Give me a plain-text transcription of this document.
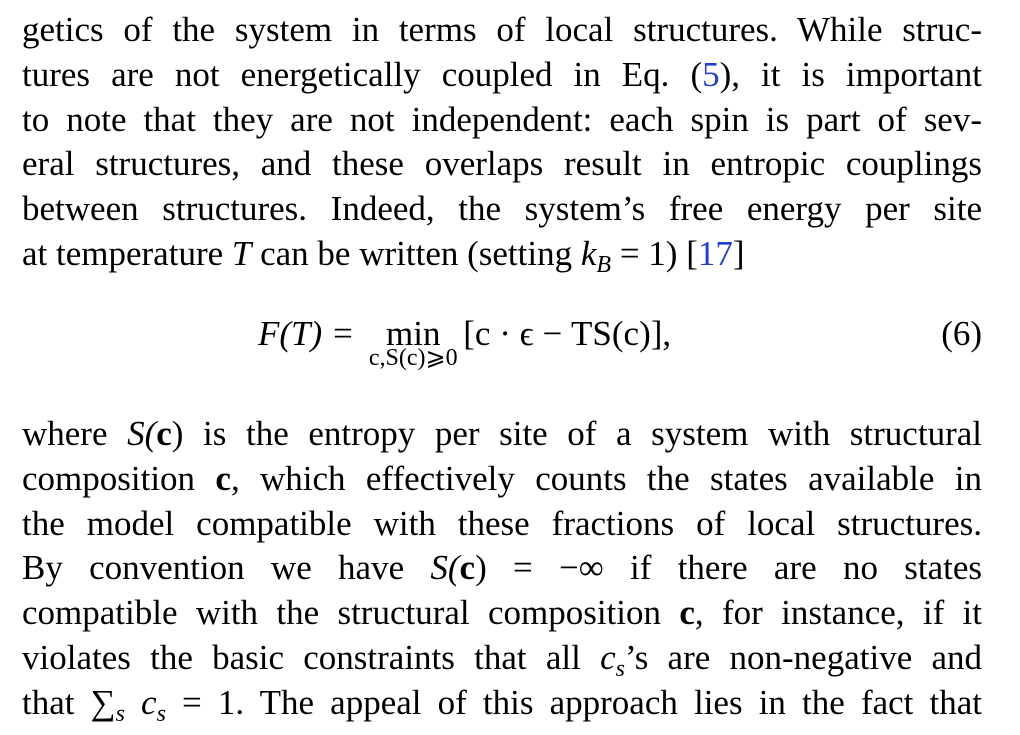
getics of the system in terms of local structures. While struc-
tures are not energetically coupled in Eq. (5), it is important
to note that they are not independent: each spin is part of sev-
eral structures, and these overlaps result in entropic couplings
between structures. Indeed, the system’s free energy per site
at temperature T can be written (setting $k_B = 1$) [17]
F(T) = min
c,S(c)⩾0
[c · ϵ − TS(c)],	(6)
where S(c) is the entropy per site of a system with structural
composition c, which effectively counts the states available in
the model compatible with these fractions of local structures.
By convention we have S(c) = −∞ if there are no states
compatible with the structural composition c, for instance, if it
violates the basic constraints that all $c_s’s$ are non-negative and
that $\sum_s$ $c_s = 1$. The appeal of this approach lies in the fact that
